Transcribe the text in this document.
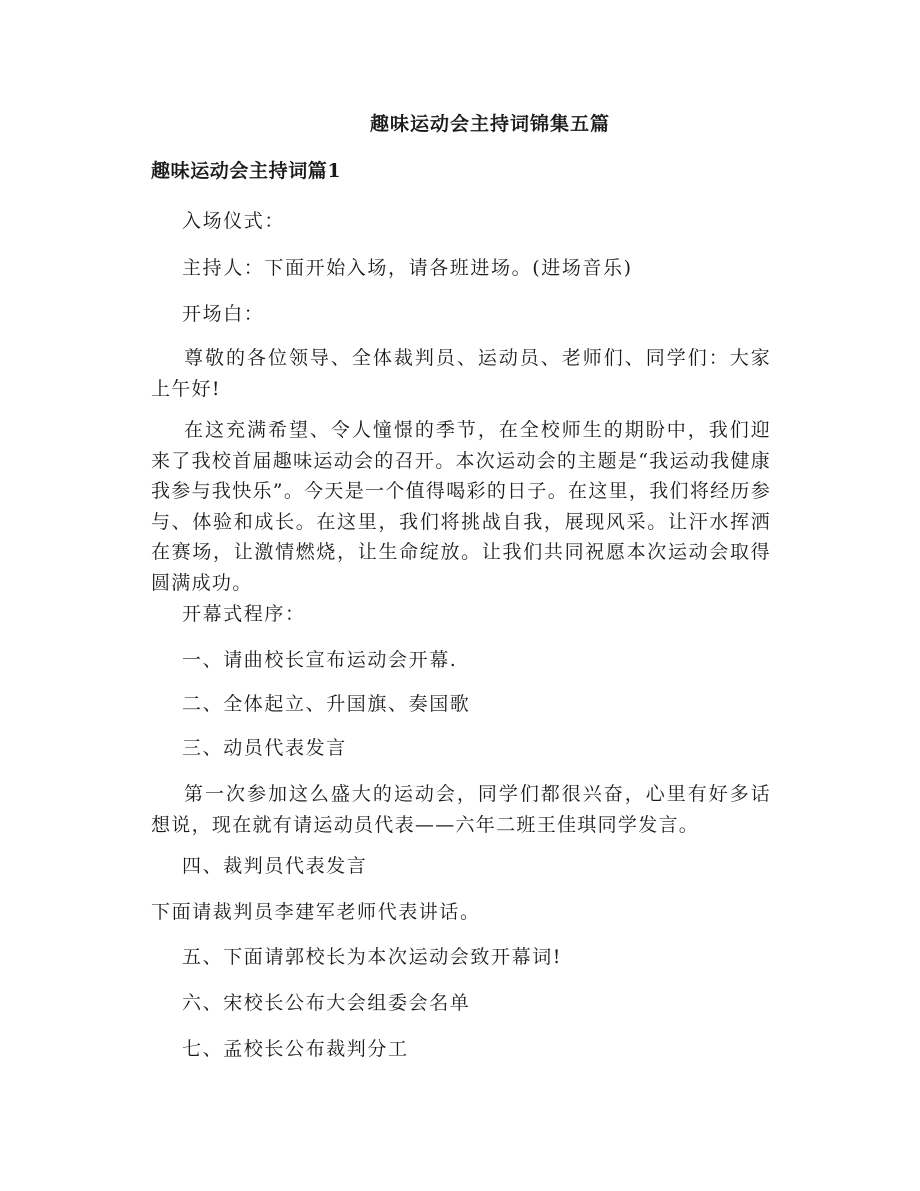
趣味运动会主持词锦集五篇
趣味运动会主持词篇1

入场仪式：

主持人：下面开始入场，请各班进场。(进场音乐)

开场白：

尊敬的各位领导、全体裁判员、运动员、老师们、同学们：大家上午好!

在这充满希望、令人憧憬的季节，在全校师生的期盼中，我们迎来了我校首届趣味运动会的召开。本次运动会的主题是“我运动我健康我参与我快乐”。今天是一个值得喝彩的日子。在这里，我们将经历参与、体验和成长。在这里，我们将挑战自我，展现风采。让汗水挥洒在赛场，让激情燃烧，让生命绽放。让我们共同祝愿本次运动会取得圆满成功。

开幕式程序：

一、请曲校长宣布运动会开幕.

二、全体起立、升国旗、奏国歌

三、动员代表发言

第一次参加这么盛大的运动会，同学们都很兴奋，心里有好多话想说，现在就有请运动员代表——六年二班王佳琪同学发言。

四、裁判员代表发言

下面请裁判员李建军老师代表讲话。

五、下面请郭校长为本次运动会致开幕词!

六、宋校长公布大会组委会名单

七、孟校长公布裁判分工
